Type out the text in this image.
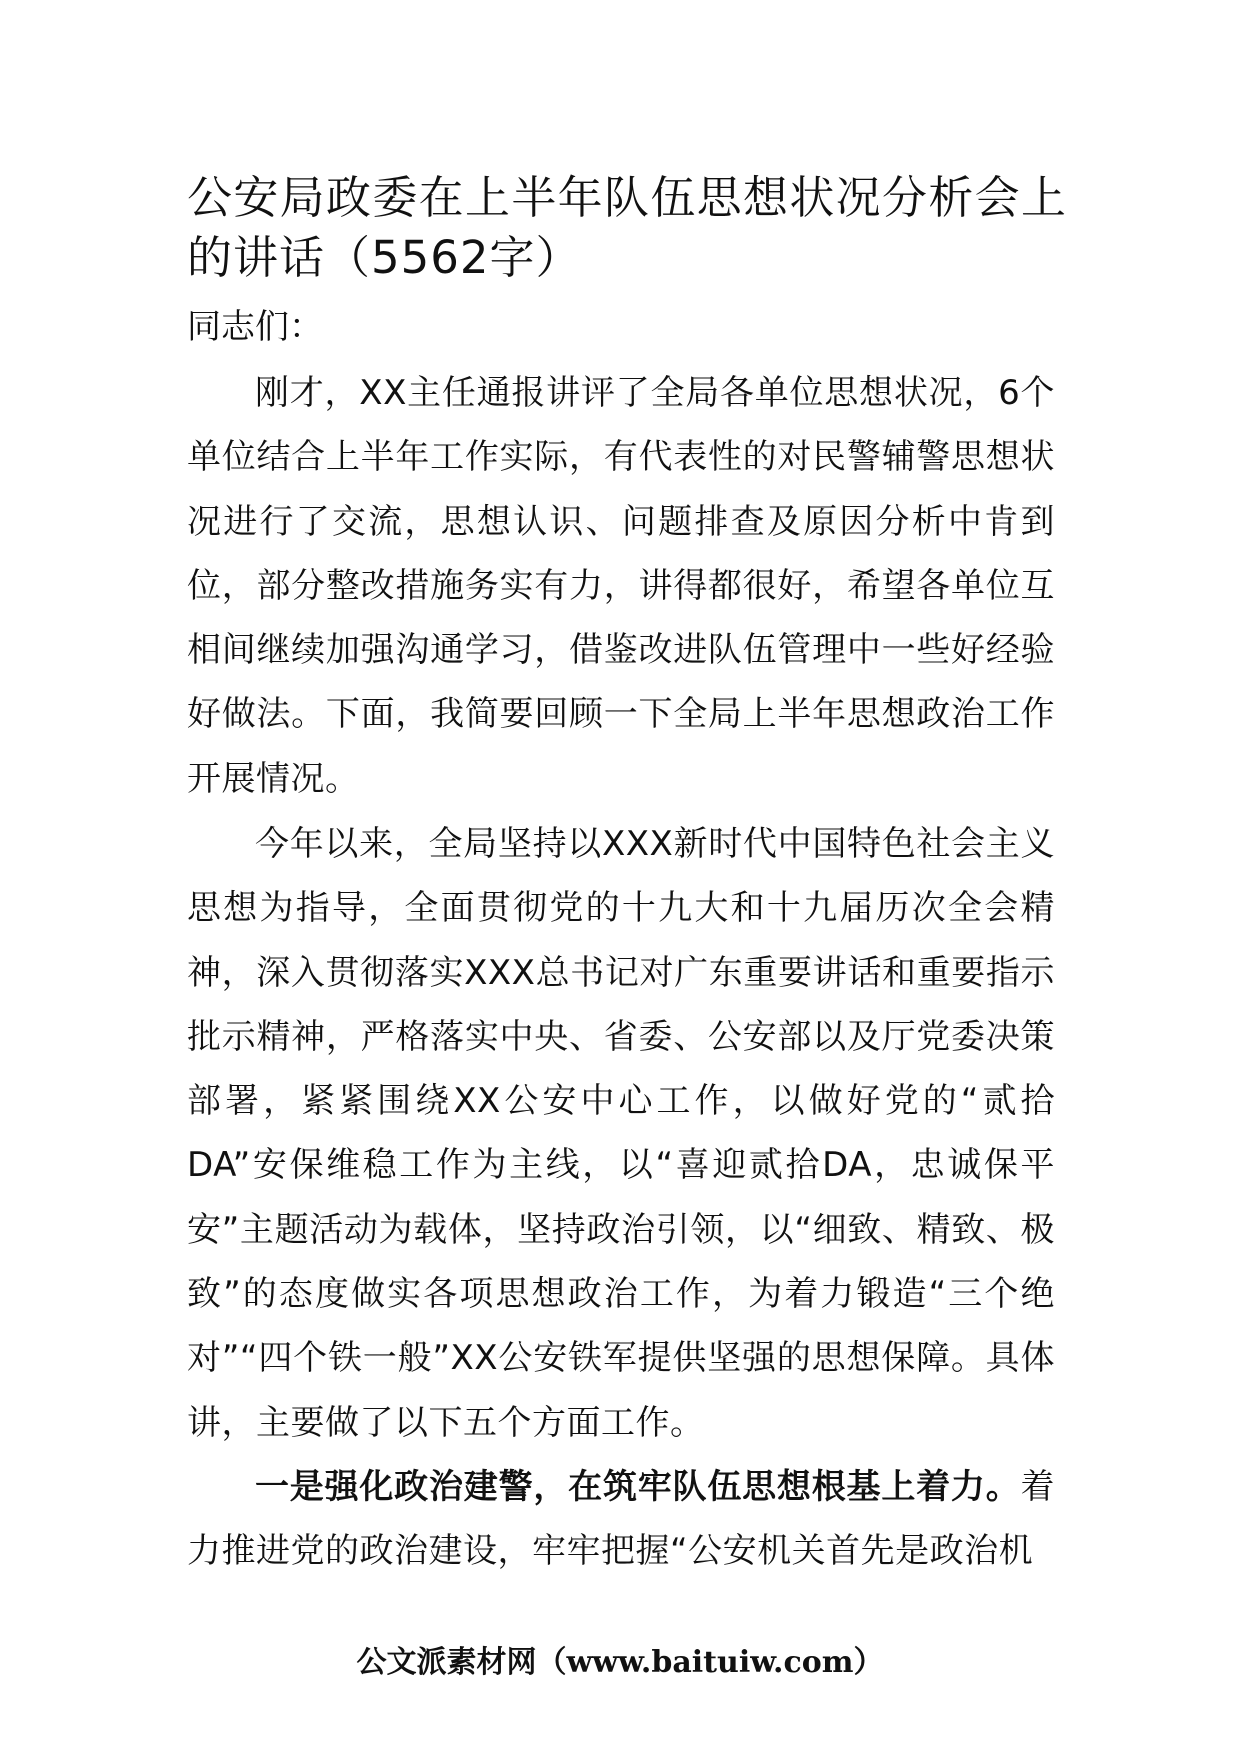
公安局政委在上半年队伍思想状况分析会上的讲话（5562字）

同志们：

刚才，XX主任通报讲评了全局各单位思想状况，6个单位结合上半年工作实际，有代表性的对民警辅警思想状况进行了交流，思想认识、问题排查及原因分析中肯到位，部分整改措施务实有力，讲得都很好，希望各单位互相间继续加强沟通学习，借鉴改进队伍管理中一些好经验好做法。下面，我简要回顾一下全局上半年思想政治工作开展情况。

今年以来，全局坚持以XXX新时代中国特色社会主义思想为指导，全面贯彻党的十九大和十九届历次全会精神，深入贯彻落实XXX总书记对广东重要讲话和重要指示批示精神，严格落实中央、省委、公安部以及厅党委决策部署，紧紧围绕XX公安中心工作，以做好党的“贰拾DA”安保维稳工作为主线，以“喜迎贰拾DA，忠诚保平安”主题活动为载体，坚持政治引领，以“细致、精致、极致”的态度做实各项思想政治工作，为着力锻造“三个绝对”“四个铁一般”XX公安铁军提供坚强的思想保障。具体讲，主要做了以下五个方面工作。

一是强化政治建警，在筑牢队伍思想根基上着力。着力推进党的政治建设，牢牢把握“公安机关首先是政治机

公文派素材网（www.baituiw.com）
